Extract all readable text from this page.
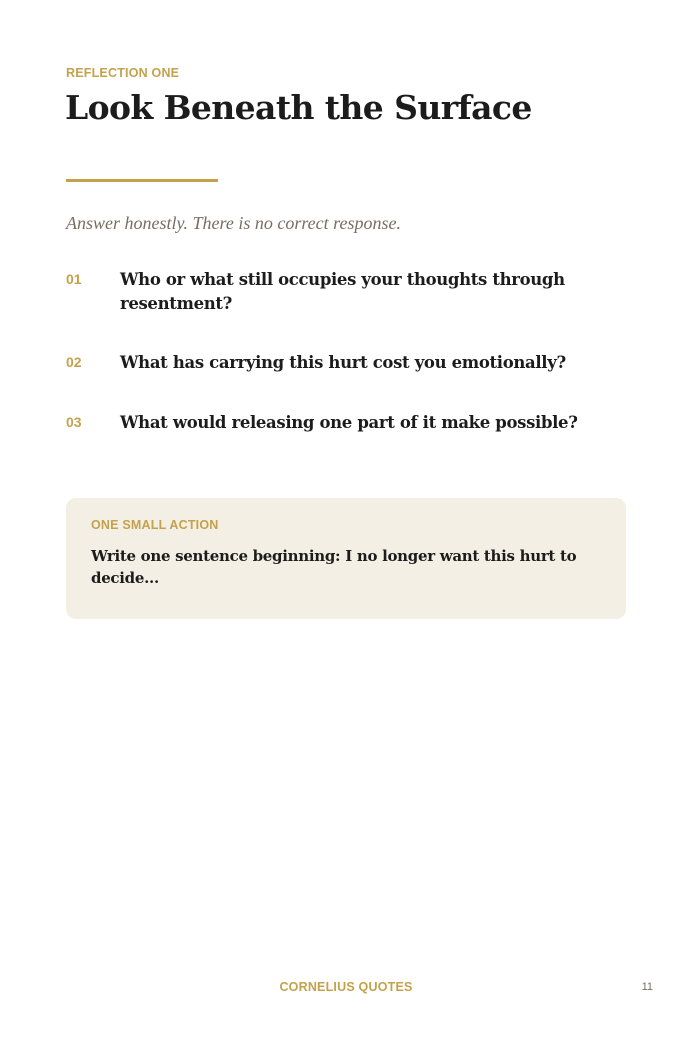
REFLECTION ONE
Look Beneath the Surface
Answer honestly. There is no correct response.
01 Who or what still occupies your thoughts through resentment?
02 What has carrying this hurt cost you emotionally?
03 What would releasing one part of it make possible?
ONE SMALL ACTION
Write one sentence beginning: I no longer want this hurt to decide...
CORNELIUS QUOTES	11
